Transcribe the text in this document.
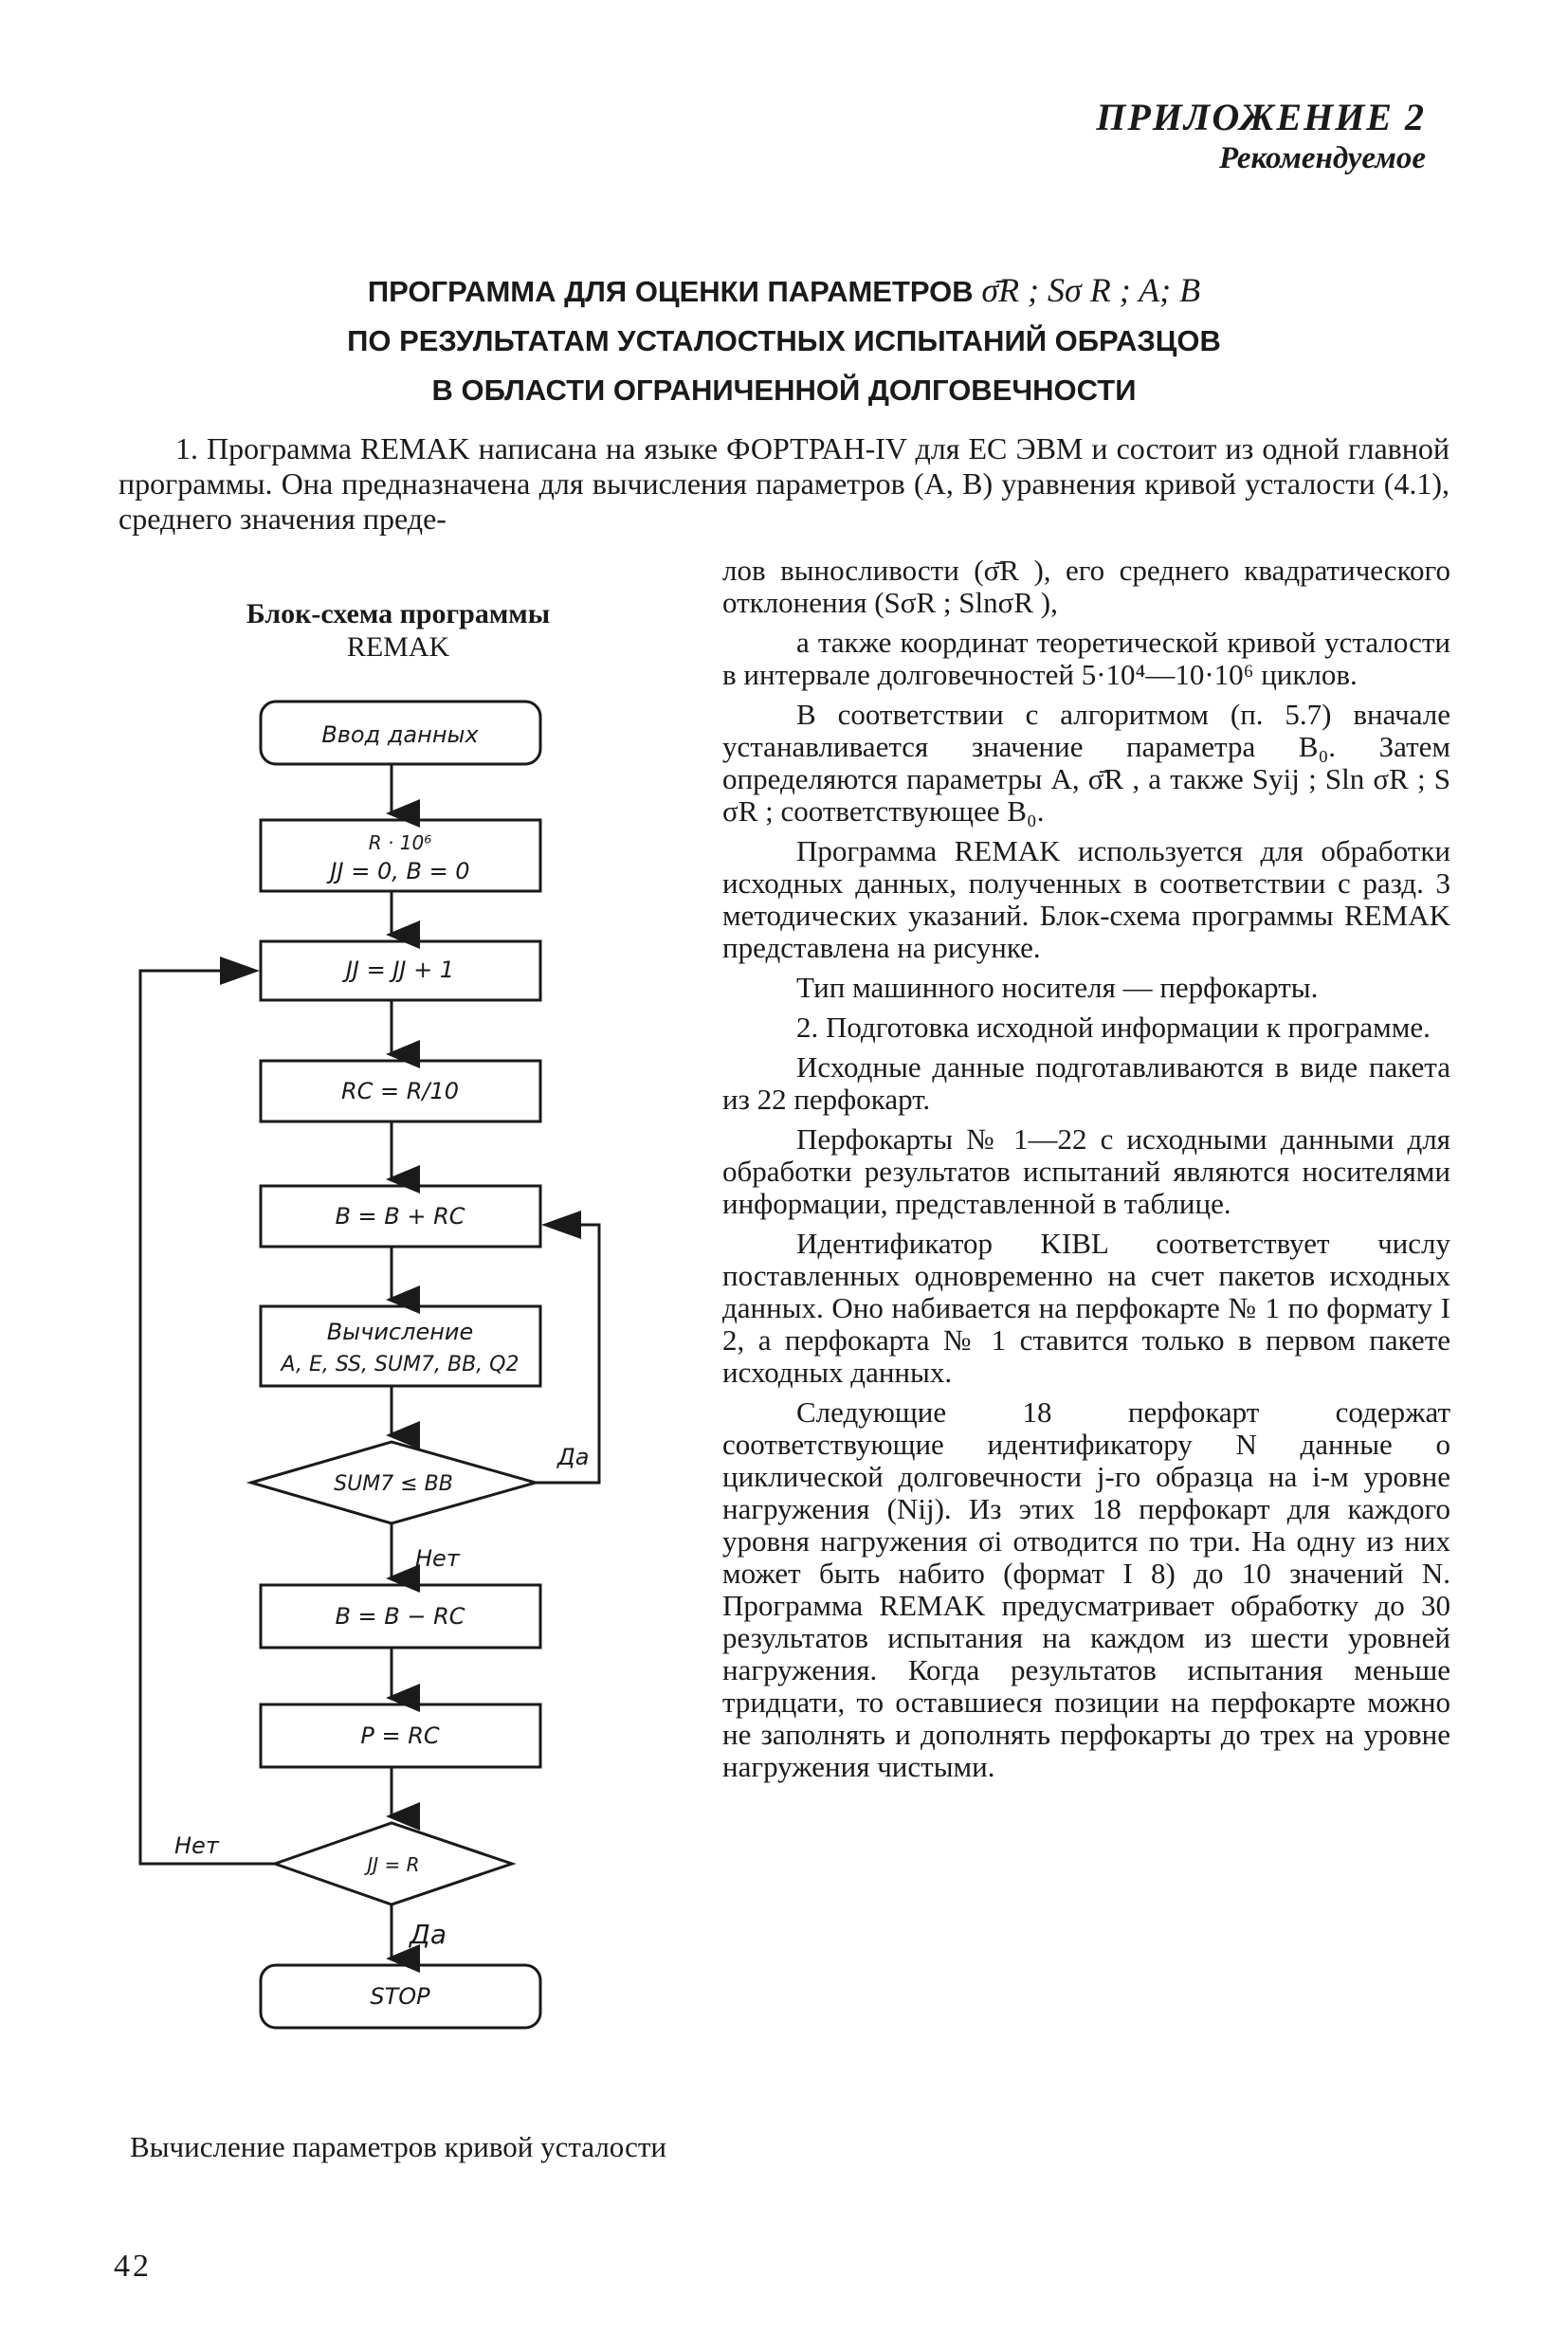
ПРИЛОЖЕНИЕ 2
Рекомендуемое
ПРОГРАММА ДЛЯ ОЦЕНКИ ПАРАМЕТРОВ σ̄R ; Sσ R ; A; B
ПО РЕЗУЛЬТАТАМ УСТАЛОСТНЫХ ИСПЫТАНИЙ ОБРАЗЦОВ
В ОБЛАСТИ ОГРАНИЧЕННОЙ ДОЛГОВЕЧНОСТИ

1. Программа REMAK написана на языке ФОРТРАН-IV для ЕС ЭВМ и состоит из одной главной программы. Она предназначена для вычисления параметров (A, B) уравнения кривой усталости (4.1), среднего значения преде-

Блок-схема программы
REMAK
Ввод данных
R · 10⁶
JJ = 0, B = 0
JJ = JJ + 1
RC = R/10
B = B + RC
Вычисление
A, E, SS, SUM7, BB, Q2
SUM7 ≤ BB
Да
Нет
B = B − RC
P = RC
JJ = R
Нет
Да
STOP

лов выносливости (σ̄R ), его среднего квадратического отклонения (SσR ; SlnσR ),

а также координат теоретической кривой усталости в интервале долговечностей 5·10⁴—10·10⁶ циклов.

В соответствии с алгоритмом (п. 5.7) вначале устанавливается значение параметра B₀. Затем определяются параметры A, σ̄R , а также Syij ; Sln σR ; S σR ; соответствующее B₀.

Программа REMAK используется для обработки исходных данных, полученных в соответствии с разд. 3 методических указаний. Блок-схема программы REMAK представлена на рисунке.

Тип машинного носителя — перфокарты.

2. Подготовка исходной информации к программе.

Исходные данные подготавливаются в виде пакета из 22 перфокарт.

Перфокарты № 1—22 с исходными данными для обработки результатов испытаний являются носителями информации, представленной в таблице.

Идентификатор KIBL соответствует числу поставленных одновременно на счет пакетов исходных данных. Оно набивается на перфокарте № 1 по формату I 2, а перфокарта № 1 ставится только в первом пакете исходных данных.

Следующие 18 перфокарт содержат соответствующие идентификатору N данные о циклической долговечности j-го образца на i-м уровне нагружения (Nij). Из этих 18 перфокарт для каждого уровня нагружения σi отводится по три. На одну из них может быть набито (формат I 8) до 10 значений N. Программа REMAK предусматривает обработку до 30 результатов испытания на каждом из шести уровней нагружения. Когда результатов испытания меньше тридцати, то оставшиеся позиции на перфокарте можно не заполнять и дополнять перфокарты до трех на уровне нагружения чистыми.

Вычисление параметров кривой усталости
42
